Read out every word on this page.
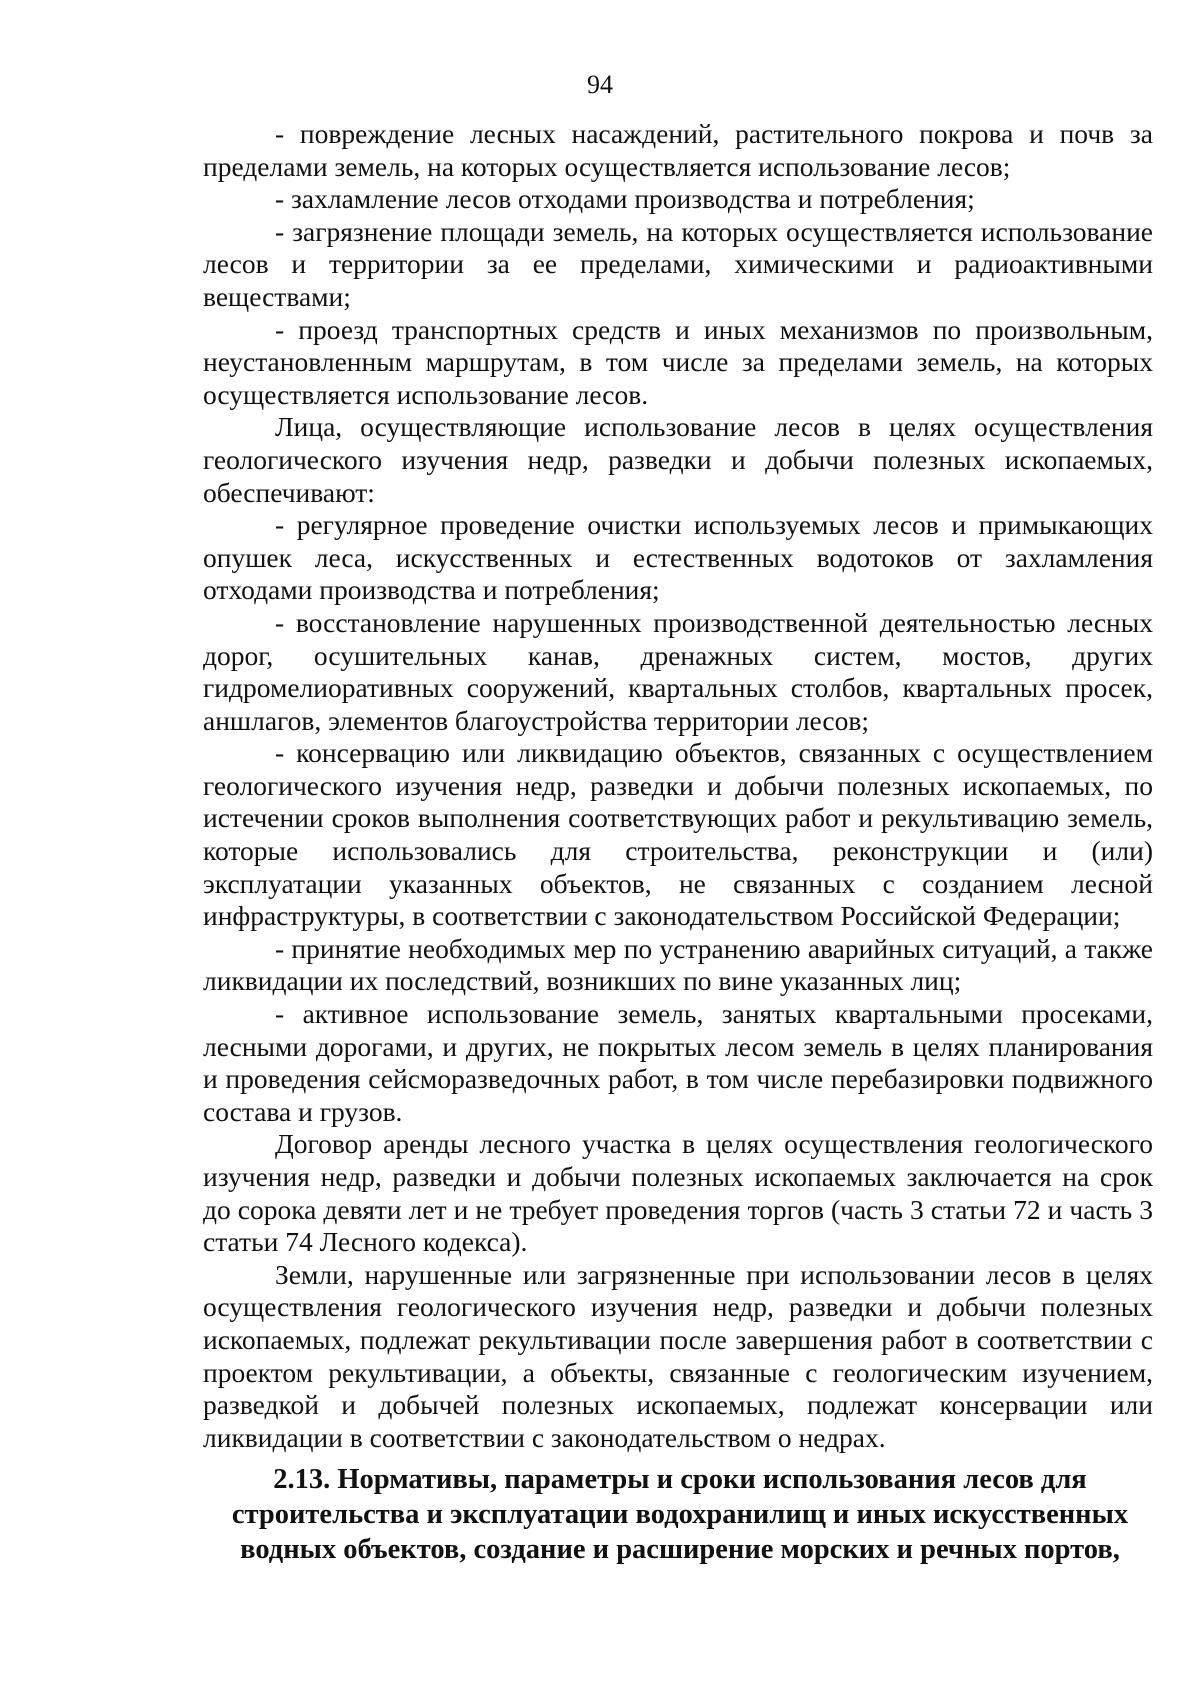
94

- повреждение лесных насаждений, растительного покрова и почв за пределами земель, на которых осуществляется использование лесов;

- захламление лесов отходами производства и потребления;

- загрязнение площади земель, на которых осуществляется использование лесов и территории за ее пределами, химическими и радиоактивными веществами;

- проезд транспортных средств и иных механизмов по произвольным, неустановленным маршрутам, в том числе за пределами земель, на которых осуществляется использование лесов.

Лица, осуществляющие использование лесов в целях осуществления геологического изучения недр, разведки и добычи полезных ископаемых, обеспечивают:

- регулярное проведение очистки используемых лесов и примыкающих опушек леса, искусственных и естественных водотоков от захламления отходами производства и потребления;

- восстановление нарушенных производственной деятельностью лесных дорог, осушительных канав, дренажных систем, мостов, других гидромелиоративных сооружений, квартальных столбов, квартальных просек, аншлагов, элементов благоустройства территории лесов;

- консервацию или ликвидацию объектов, связанных с осуществлением геологического изучения недр, разведки и добычи полезных ископаемых, по истечении сроков выполнения соответствующих работ и рекультивацию земель, которые использовались для строительства, реконструкции и (или) эксплуатации указанных объектов, не связанных с созданием лесной инфраструктуры, в соответствии с законодательством Российской Федерации;

- принятие необходимых мер по устранению аварийных ситуаций, а также ликвидации их последствий, возникших по вине указанных лиц;

- активное использование земель, занятых квартальными просеками, лесными дорогами, и других, не покрытых лесом земель в целях планирования и проведения сейсморазведочных работ, в том числе перебазировки подвижного состава и грузов.

Договор аренды лесного участка в целях осуществления геологического изучения недр, разведки и добычи полезных ископаемых заключается на срок до сорока девяти лет и не требует проведения торгов (часть 3 статьи 72 и часть 3 статьи 74 Лесного кодекса).

Земли, нарушенные или загрязненные при использовании лесов в целях осуществления геологического изучения недр, разведки и добычи полезных ископаемых, подлежат рекультивации после завершения работ в соответствии с проектом рекультивации, а объекты, связанные с геологическим изучением, разведкой и добычей полезных ископаемых, подлежат консервации или ликвидации в соответствии с законодательством о недрах.

2.13. Нормативы, параметры и сроки использования лесов для
строительства и эксплуатации водохранилищ и иных искусственных
водных объектов, создание и расширение морских и речных портов,
